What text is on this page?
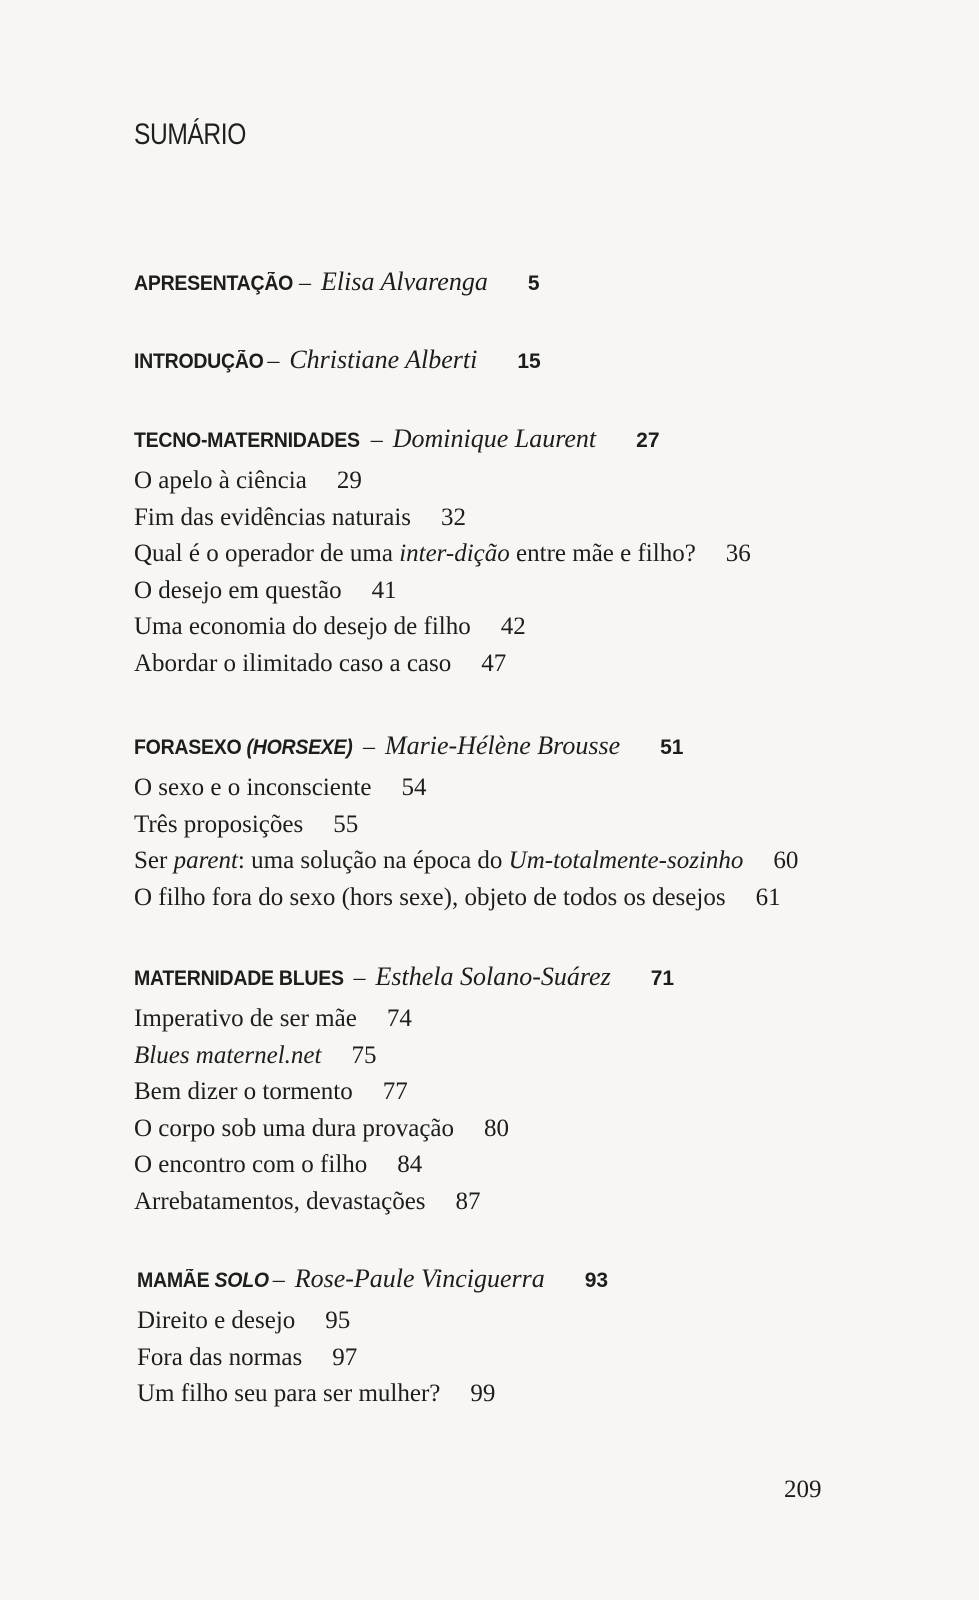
SUMÁRIO
APRESENTAÇÃO – Elisa Alvarenga 5
INTRODUÇÃO – Christiane Alberti 15
TECNO-MATERNIDADES – Dominique Laurent 27
O apelo à ciência 29
Fim das evidências naturais 32
Qual é o operador de uma inter-dição entre mãe e filho? 36
O desejo em questão 41
Uma economia do desejo de filho 42
Abordar o ilimitado caso a caso 47
FORASEXO (HORSEXE) – Marie-Hélène Brousse 51
O sexo e o inconsciente 54
Três proposições 55
Ser parent: uma solução na época do Um-totalmente-sozinho 60
O filho fora do sexo (hors sexe), objeto de todos os desejos 61
MATERNIDADE BLUES – Esthela Solano-Suárez 71
Imperativo de ser mãe 74
Blues maternel.net 75
Bem dizer o tormento 77
O corpo sob uma dura provação 80
O encontro com o filho 84
Arrebatamentos, devastações 87
MAMÃE SOLO – Rose-Paule Vinciguerra 93
Direito e desejo 95
Fora das normas 97
Um filho seu para ser mulher? 99
209
